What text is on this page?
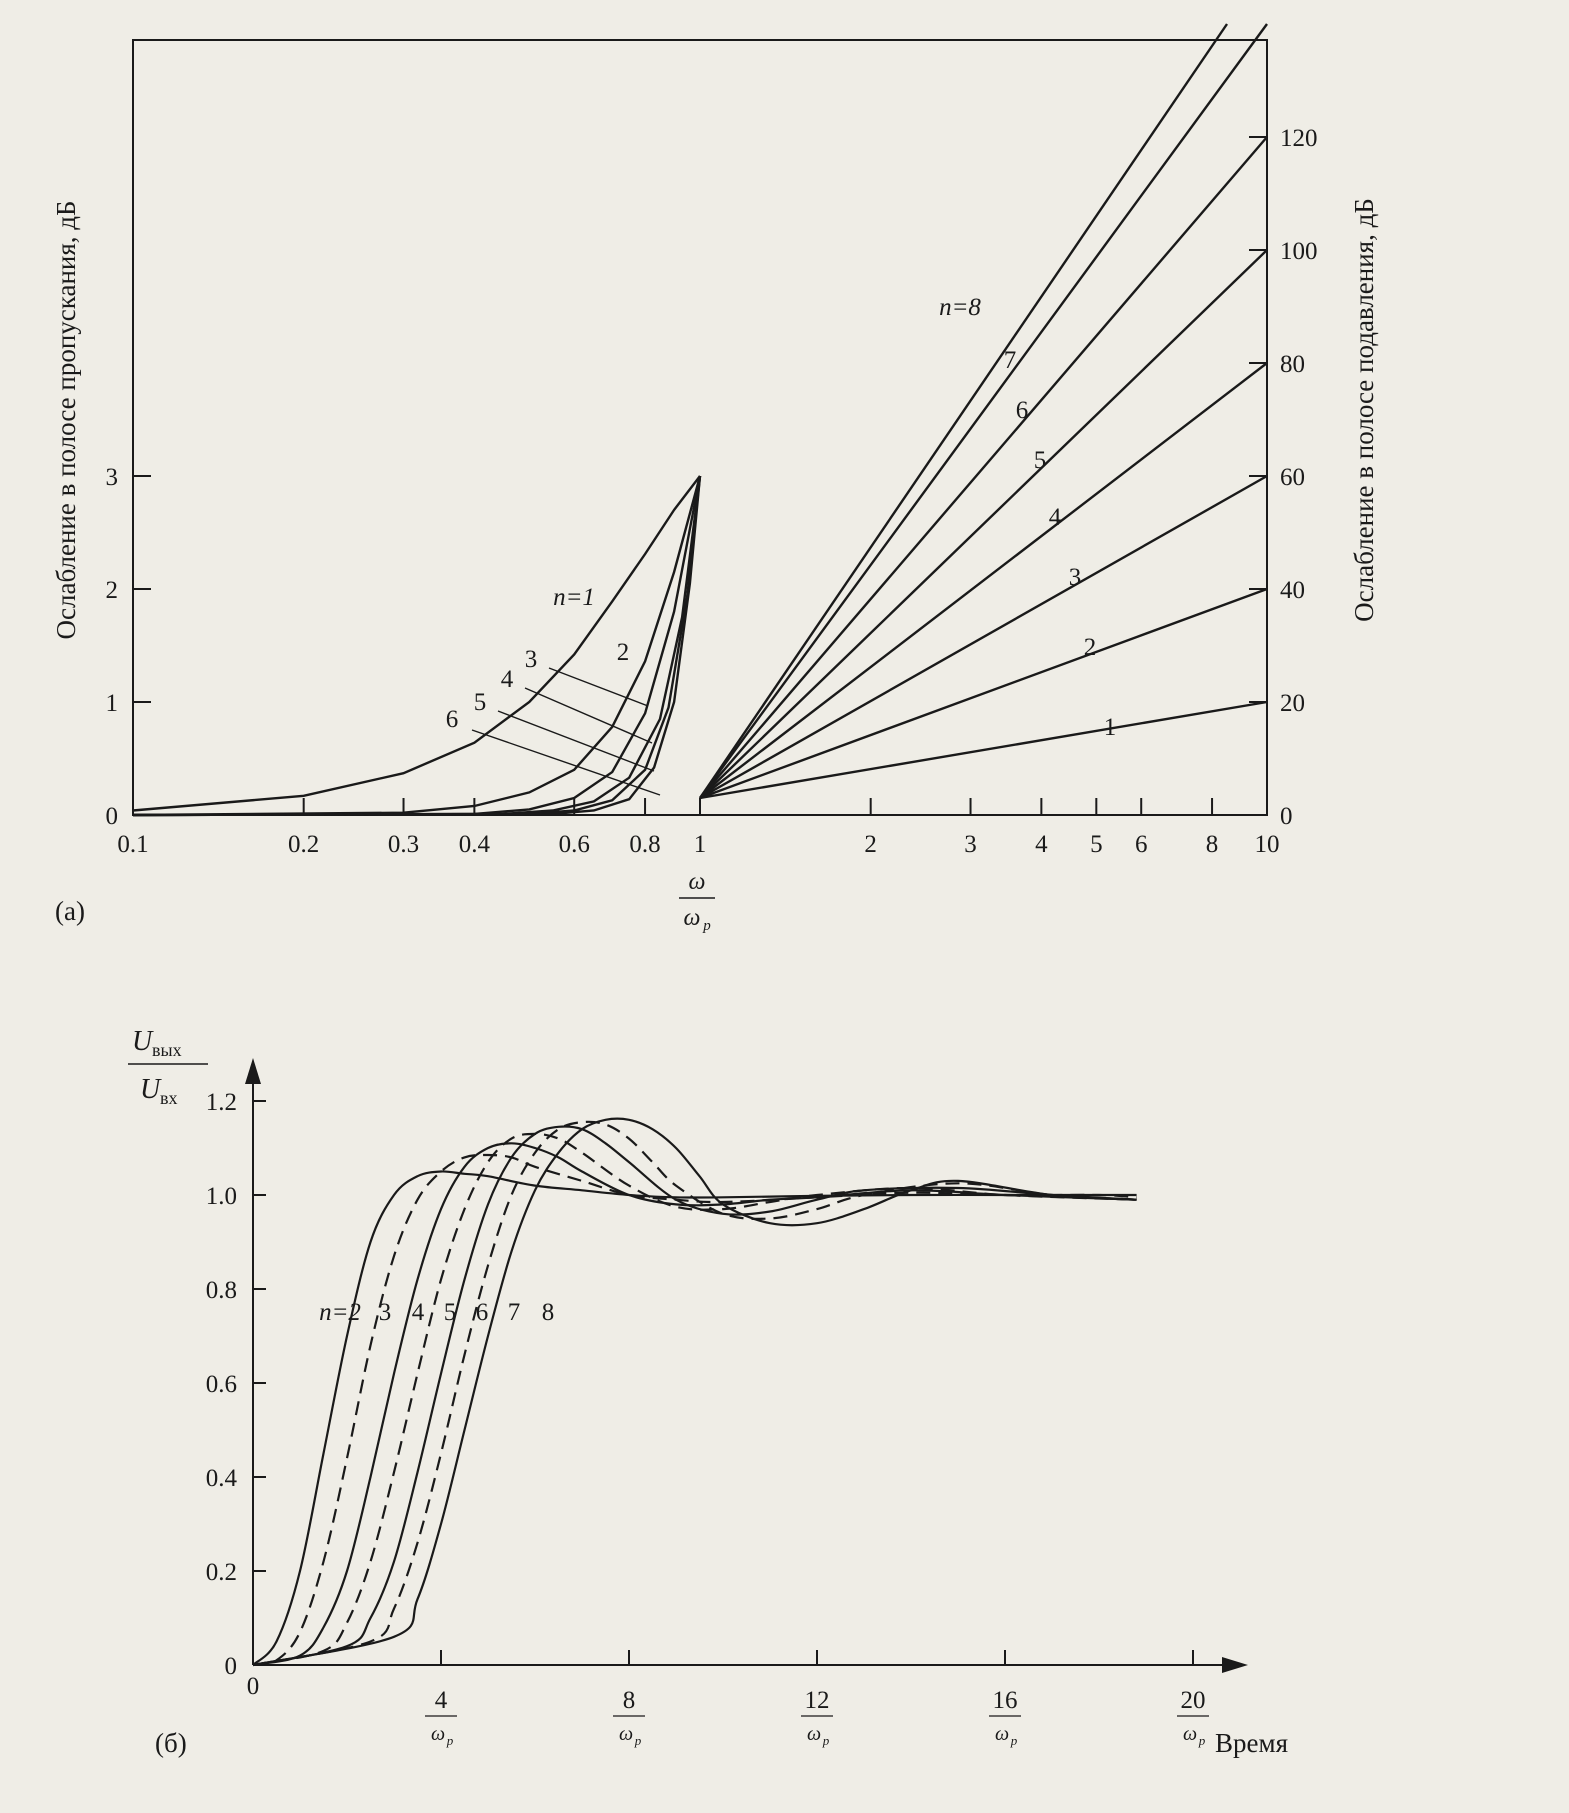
0
1
2
3
0
20
40
60
80
100
120
0.1	0.2	0.3 0.4	0.6 0.8 1	2	3 4 5 6 8 10
n=1
2
3
4
5
6	1
2
3
4
5
6
7
n=8
Ослабление в полосе пропускания, дБ	Ослабление в полосе подавления, дБ
ω
ω р
(a)
0
0.2
0.4
0.6
0.8
1.0
1.2
0
4
ω р
8
ω р
12
ω р
16
ω р
20
ω р
n=2 3 4 5 6 7 8
U вых
U вх
Время
(б)
